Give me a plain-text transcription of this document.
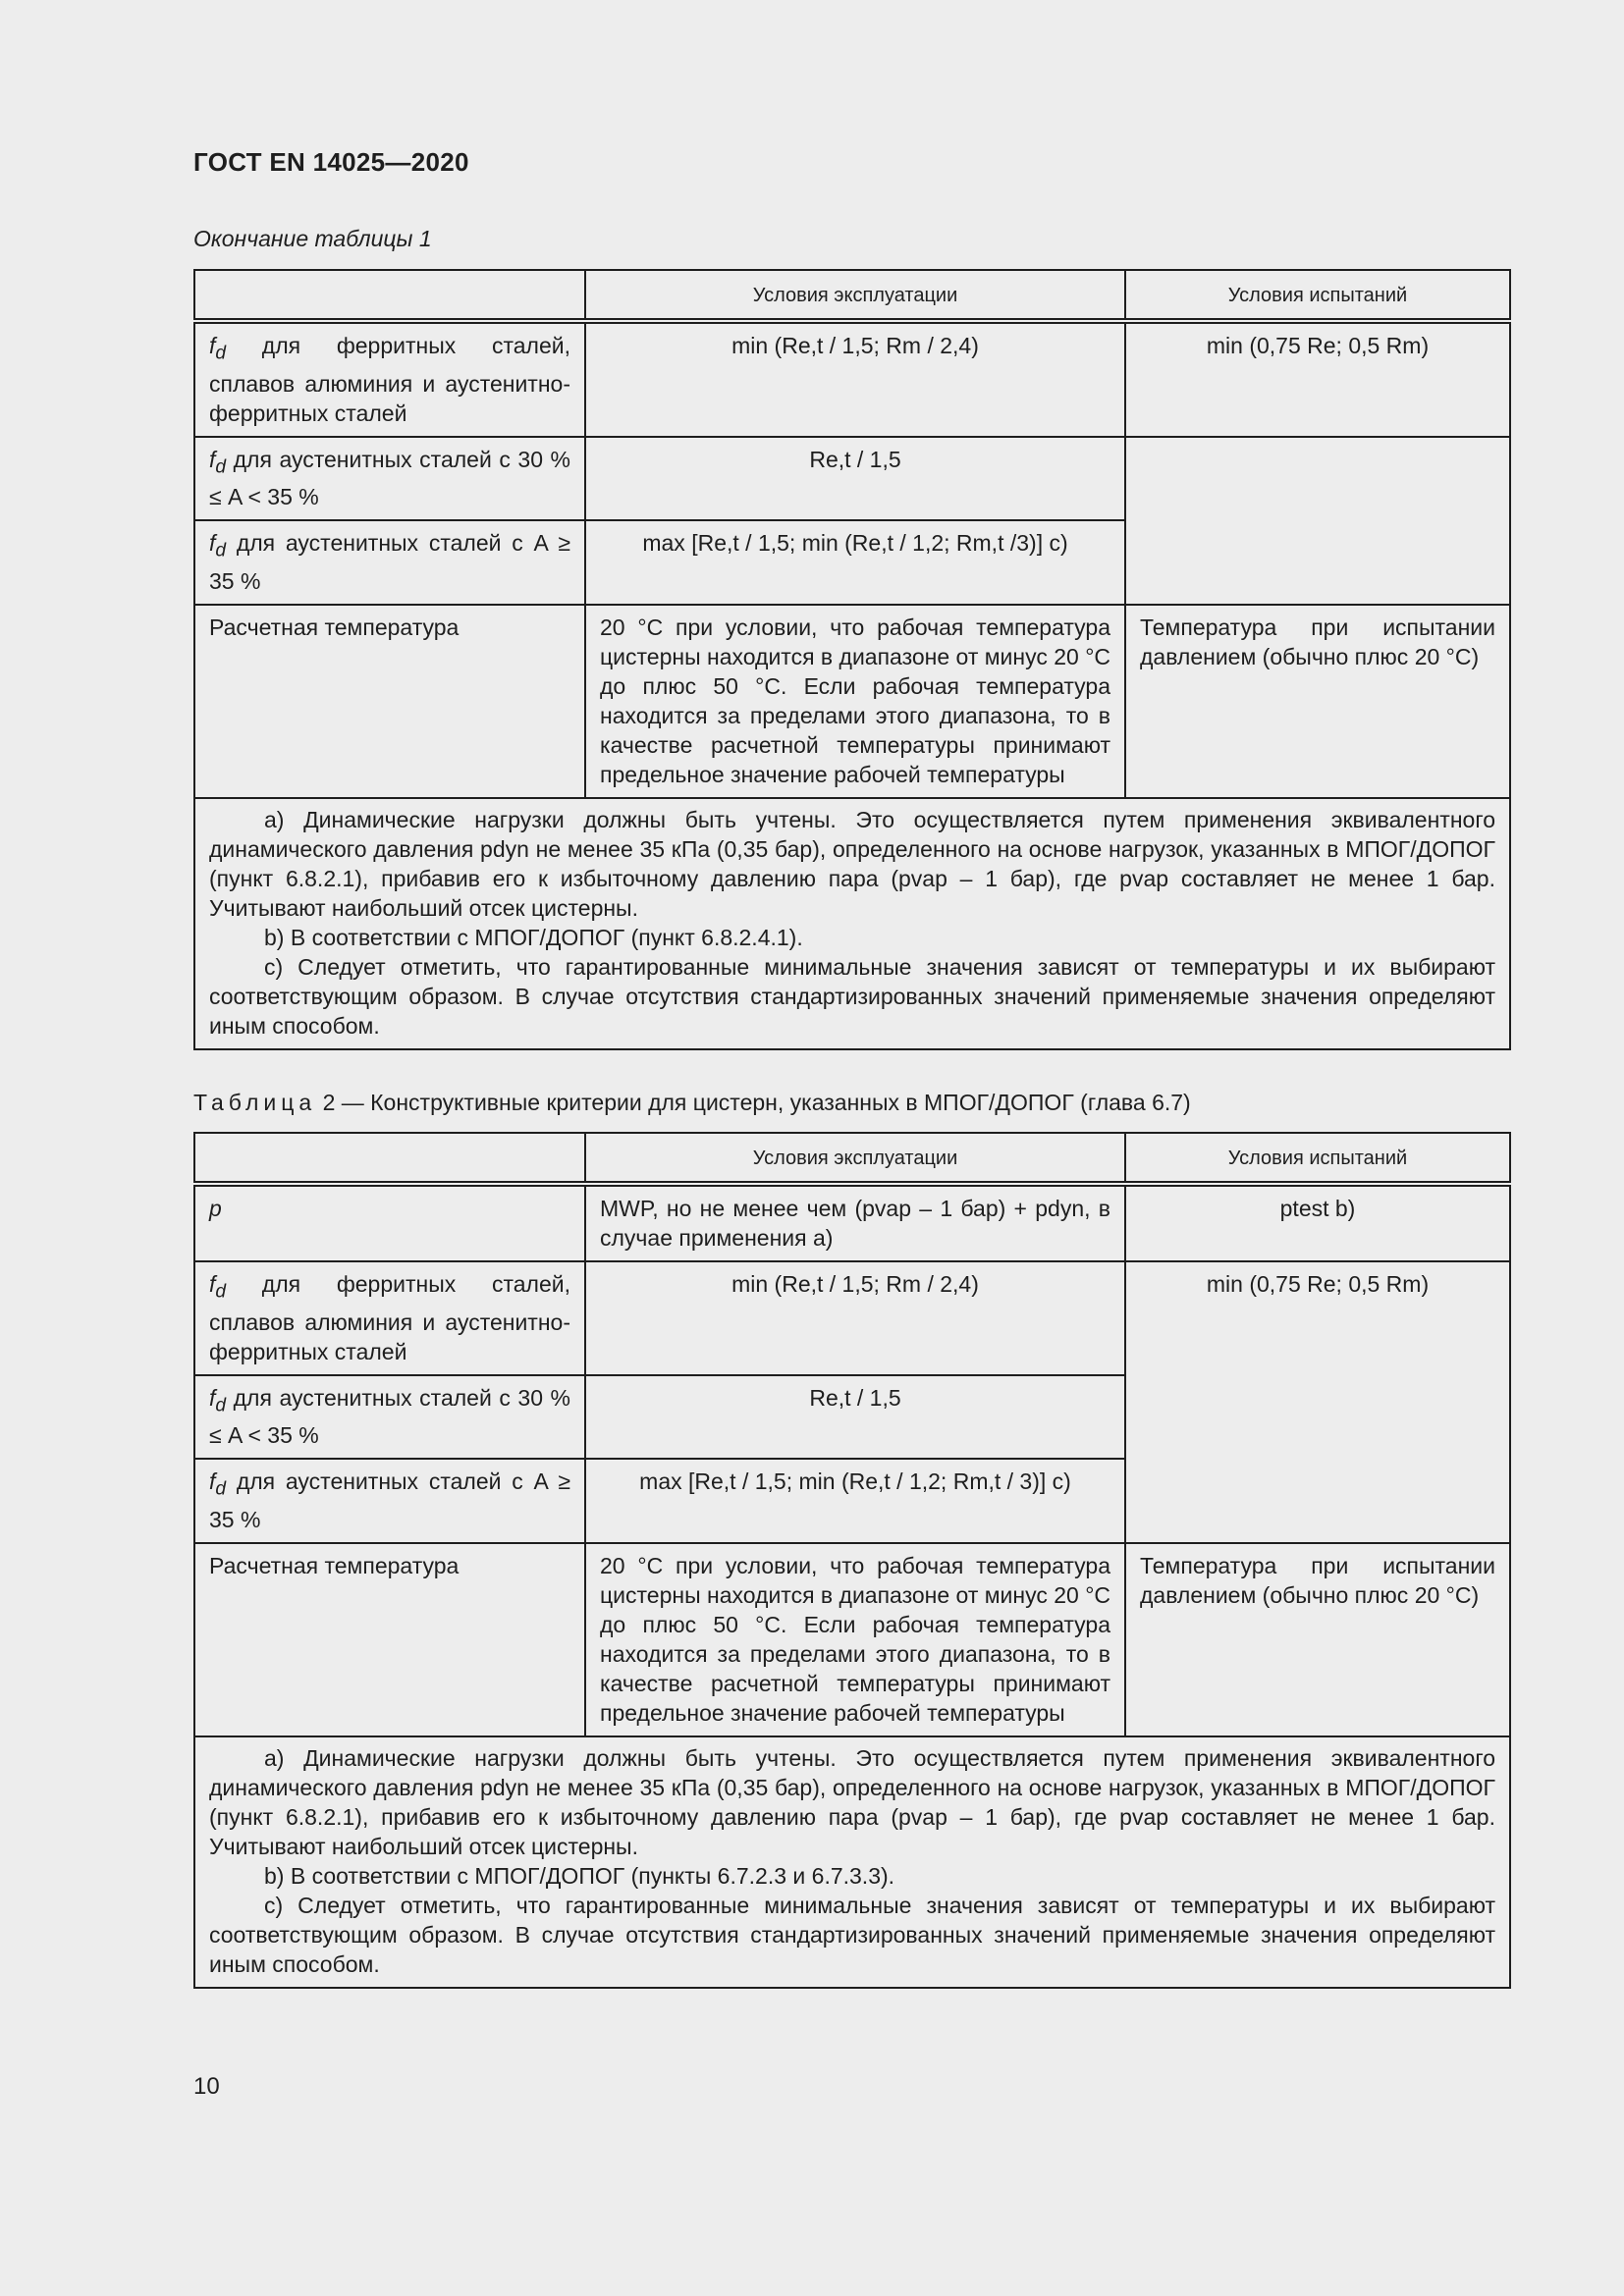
ГОСТ EN 14025—2020
Окончание таблицы 1
	Условия эксплуатации	Условия испытаний
$f_d$ для ферритных сталей, сплавов алюминия и аустенитно-ферритных сталей	min (Re,t / 1,5; Rm / 2,4)	min (0,75 Re; 0,5 Rm)
$f_d$ для аустенитных сталей с 30 % ≤ A < 35 %	Re,t / 1,5	
$f_d$ для аустенитных сталей с A ≥ 35 %	max [Re,t / 1,5; min (Re,t / 1,2; Rm,t /3)] c)	
Расчетная температура	20 °С при условии, что рабочая температура цистерны находится в диапазоне от минус 20 °С до плюс 50 °С. Если рабочая температура находится за пределами этого диапазона, то в качестве расчетной температуры принимают предельное значение рабочей температуры	Температура при испытании давлением (обычно плюс 20 °С)

a) Динамические нагрузки должны быть учтены. Это осуществляется путем применения эквивалентного динамического давления pdyn не менее 35 кПа (0,35 бар), определенного на основе нагрузок, указанных в МПОГ/ДОПОГ (пункт 6.8.2.1), прибавив его к избыточному давлению пара (pvap – 1 бар), где pvap составляет не менее 1 бар. Учитывают наибольший отсек цистерны.
b) В соответствии с МПОГ/ДОПОГ (пункт 6.8.2.4.1).
c) Следует отметить, что гарантированные минимальные значения зависят от температуры и их выбирают соответствующим образом. В случае отсутствия стандартизированных значений применяемые значения определяют иным способом.		
Таблица 2 — Конструктивные критерии для цистерн, указанных в МПОГ/ДОПОГ (глава 6.7)
	Условия эксплуатации	Условия испытаний
p	MWP, но не менее чем (pvap – 1 бар) + pdyn, в случае применения a)	ptest b)
$f_d$ для ферритных сталей, сплавов алюминия и аустенитно-ферритных сталей	min (Re,t / 1,5; Rm / 2,4)	min (0,75 Re; 0,5 Rm)
$f_d$ для аустенитных сталей с 30 % ≤ A < 35 %	Re,t / 1,5	
$f_d$ для аустенитных сталей с A ≥ 35 %	max [Re,t / 1,5; min (Re,t / 1,2; Rm,t / 3)] c)	
Расчетная температура	20 °С при условии, что рабочая температура цистерны находится в диапазоне от минус 20 °С до плюс 50 °С. Если рабочая температура находится за пределами этого диапазона, то в качестве расчетной температуры принимают предельное значение рабочей температуры	Температура при испытании давлением (обычно плюс 20 °С)

a) Динамические нагрузки должны быть учтены. Это осуществляется путем применения эквивалентного динамического давления pdyn не менее 35 кПа (0,35 бар), определенного на основе нагрузок, указанных в МПОГ/ДОПОГ (пункт 6.8.2.1), прибавив его к избыточному давлению пара (pvap – 1 бар), где pvap составляет не менее 1 бар. Учитывают наибольший отсек цистерны.
b) В соответствии с МПОГ/ДОПОГ (пункты 6.7.2.3 и 6.7.3.3).
c) Следует отметить, что гарантированные минимальные значения зависят от температуры и их выбирают соответствующим образом. В случае отсутствия стандартизированных значений применяемые значения определяют иным способом.		
10
